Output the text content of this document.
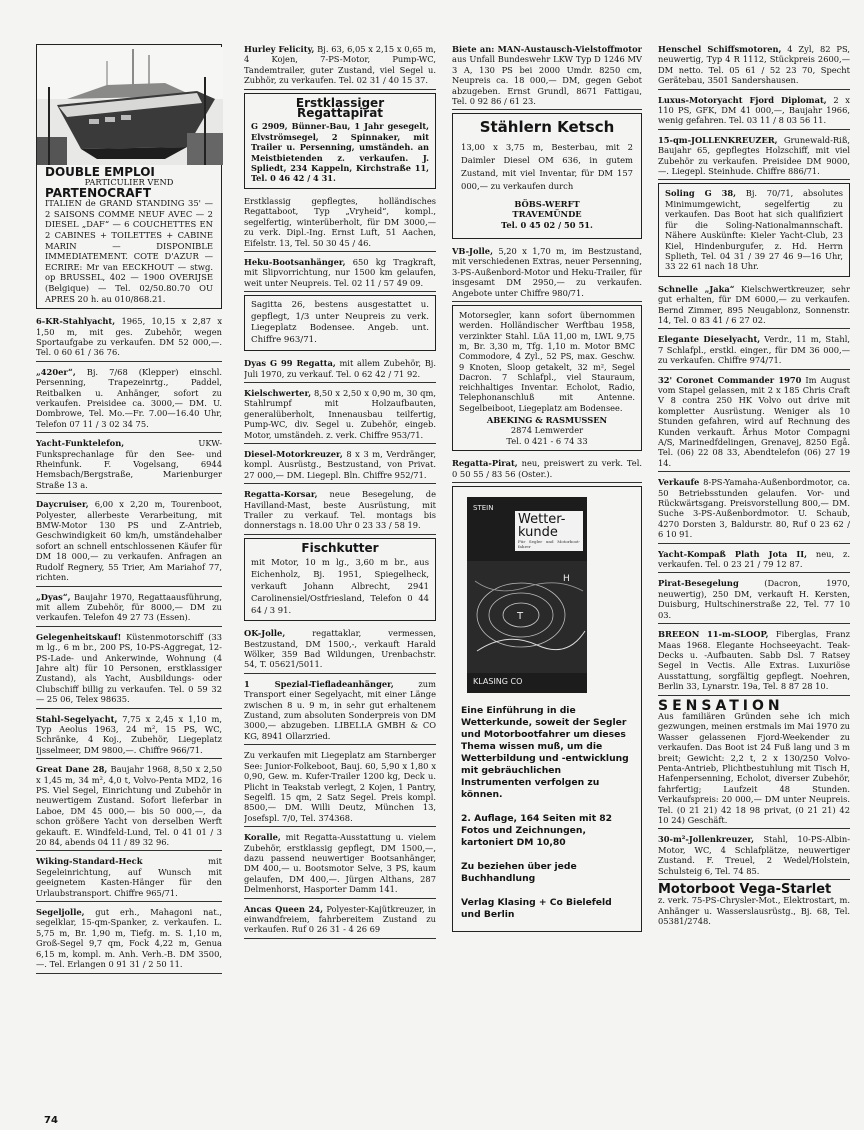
DOUBLE EMPLOI
PARTICULIER VEND
PARTENOCRAFT
ITALIEN de GRAND STANDING 35' — 2 SAISONS COMME NEUF AVEC — 2 DIESEL „DAF“ — 6 COUCHETTES EN 2 CABINES + TOILETTES + CABINE MARIN — DISPONIBLE IMMEDIATEMENT. COTE D'AZUR — ECRIRE: Mr van EECKHOUT — stwg. op BRUSSEL, 402 — 1900 OVERIJSE (Belgique) — Tel. 02/50.80.70 OU APRES 20 h. au 010/868.21.
6-KR-Stahlyacht, 1965, 10,15 x 2,87 x 1,50 m, mit ges. Zubehör, wegen Sportaufgabe zu verkaufen. DM 52 000,—. Tel. 0 60 61 / 36 76.
„420er“, Bj. 7/68 (Klepper) einschl. Persenning, Trapezeinrtg., Paddel, Reitbalken u. Anhänger, sofort zu verkaufen. Preisidee ca. 3000,— DM. U. Dombrowe, Tel. Mo.—Fr. 7.00—16.40 Uhr, Telefon 07 11 / 3 02 34 75.
Yacht-Funktelefon,	UKW-Funksprechanlage für den See- und Rheinfunk. F. Vogelsang, 6944 Hemsbach/Bergstraße, Marienburger Straße 13 a.
Daycruiser, 6,00 x 2,20 m, Tourenboot, Polyester, allerbeste Verarbeitung, mit BMW-Motor 130 PS und Z-Antrieb, Geschwindigkeit 60 km/h, umständehalber sofort an schnell entschlossenen Käufer für DM 18 000,— zu verkaufen. Anfragen an Rudolf Regnery, 55 Trier, Am Mariahof 77, richten.
„Dyas“, Baujahr 1970, Regattaausführung, mit allem Zubehör, für 8000,— DM zu verkaufen. Telefon 49 27 73 (Essen).
Gelegenheitskauf! Küstenmotorschiff (33 m lg., 6 m br., 200 PS, 10-PS-Aggregat, 12-PS-Lade- und Ankerwinde, Wohnung (4 Jahre alt) für 10 Personen, erstklassiger Zustand), als Yacht, Ausbildungs- oder Clubschiff billig zu verkaufen. Tel. 0 59 32 — 25 06, Telex 98635.
Stahl-Segelyacht, 7,75 x 2,45 x 1,10 m, Typ Aeolus 1963, 24 m², 15 PS, WC, Schränke, 4 Koj., Zubehör, Liegeplatz Ijsselmeer, DM 9800,—. Chiffre 966/71.
Great Dane 28, Baujahr 1968, 8,50 x 2,50 x 1,45 m, 34 m², 4,0 t, Volvo-Penta MD2, 16 PS. Viel Segel, Einrichtung und Zubehör in neuwertigem Zustand. Sofort lieferbar in Laboe, DM 45 000,— bis 50 000,—, da schon größere Yacht von derselben Werft gekauft. E. Windfeld-Lund, Tel. 0 41 01 / 3 20 84, abends 04 11 / 89 32 96.
Wiking-Standard-Heck	mit Segeleinrichtung, auf Wunsch mit geeignetem Kasten-Hänger für den Urlaubstransport. Chiffre 965/71.
Segeljolle, gut erh., Mahagoni nat., segelklar, 15-qm-Spanker, z. verkaufen. L. 5,75 m, Br. 1,90 m, Tiefg. m. S. 1,10 m, Groß-Segel 9,7 qm, Fock 4,22 m, Genua 6,15 m, kompl. m. Anh. Verh.-B. DM 3500,—. Tel. Erlangen 0 91 31 / 2 50 11.
Hurley Felicity, Bj. 63, 6,05 x 2,15 x 0,65 m, 4 Kojen, 7-PS-Motor, Pump-WC, Tandemtrailer, guter Zustand, viel Segel u. Zubhör, zu verkaufen. Tel. 02 31 / 40 15 37.
Erstklassiger
Regattapirat
G 2909, Bünner-Bau, 1 Jahr gesegelt, Elvströmsegel, 2 Spinnaker, mit Trailer u. Persenning, umständeh. an Meistbietenden z. verkaufen. J. Spliedt, 234 Kappeln, Kirchstraße 11, Tel. 0 46 42 / 4 31.
Erstklassig gepflegtes, holländisches Regattaboot, Typ „Vryheid“, kompl., segelfertig, winterüberholt, für DM 3000,— zu verk. Dipl.-Ing. Ernst Luft, 51 Aachen, Eifelstr. 13, Tel. 50 30 45 / 46.
Heku-Bootsanhänger, 650 kg Tragkraft, mit Slipvorrichtung, nur 1500 km gelaufen, weit unter Neupreis. Tel. 02 11 / 57 49 09.
Sagitta 26, bestens ausgestattet u. gepflegt, 1/3 unter Neupreis zu verk. Liegeplatz Bodensee. Angeb. unt. Chiffre 963/71.
Dyas G 99 Regatta, mit allem Zubehör, Bj. Juli 1970, zu verkauf. Tel. 0 62 42 / 71 92.
Kielschwerter, 8,50 x 2,50 x 0,90 m, 30 qm, Stahlrumpf mit Holzaufbauten, generalüberholt, Innenausbau teilfertig, Pump-WC, div. Segel u. Zubehör, eingeb. Motor, umständeh. z. verk. Chiffre 953/71.
Diesel-Motorkreuzer, 8 x 3 m, Verdränger, kompl. Ausrüstg., Bestzustand, von Privat. 27 000,— DM. Liegepl. Bln. Chiffre 952/71.
Regatta-Korsar, neue Besegelung, de Havilland-Mast, beste Ausrüstung, mit Trailer zu verkauf. Tel. montags bis donnerstags n. 18.00 Uhr 0 23 33 / 58 19.
Fischkutter
mit Motor, 10 m lg., 3,60 m br., aus Eichenholz, Bj. 1951, Spiegelheck, verkauft Johann Albrecht, 2941 Carolinensiel/Ostfriesland, Telefon 0 44 64 / 3 91.
OK-Jolle,	regattaklar, vermessen, Bestzustand, DM 1500,-, verkauft Harald Wölker, 359 Bad Wildungen, Urenbachstr. 54, T. 05621/5011.
1 Spezial-Tiefladeanhänger,	zum Transport einer Segelyacht, mit einer Länge zwischen 8 u. 9 m, in sehr gut erhaltenem Zustand, zum absoluten Sonderpreis von DM 3000,— abzugeben. LIBELLA GMBH & CO KG, 8941 Ollarzried.
Zu verkaufen mit Liegeplatz am Starnberger See: Junior-Folkeboot, Bauj. 60, 5,90 x 1,80 x 0,90, Gew. m. Kufer-Trailer 1200 kg, Deck u. Plicht in Teakstab verlegt, 2 Kojen, 1 Pantry, Segelfl. 15 qm, 2 Satz Segel. Preis kompl. 8500,— DM. Willi Deutz, München 13, Josefspl. 7/0, Tel. 374368.
Koralle, mit Regatta-Ausstattung u. vielem Zubehör, erstklassig gepflegt, DM 1500,—, dazu passend neuwertiger Bootsanhänger, DM 400,— u. Bootsmotor Selve, 3 PS, kaum gelaufen, DM 400,—. Jürgen Althans, 287 Delmenhorst, Hasporter Damm 141.
Ancas Queen 24, Polyester-Kajütkreuzer, in einwandfreiem, fahrbereitem Zustand zu verkaufen. Ruf 0 26 31 - 4 26 69
Biete an: MAN-Austausch-Vielstoffmotor aus Unfall Bundeswehr LKW Typ D 1246 MV 3 A, 130 PS bei 2000 Umdr. 8250 cm, Neupreis ca. 18 000,— DM, gegen Gebot abzugeben. Ernst Grundl, 8671 Fattigau, Tel. 0 92 86 / 61 23.
Stählern Ketsch
13,00 x 3,75 m, Besterbau, mit 2 Daimler Diesel OM 636, in gutem Zustand, mit viel Inventar, für DM 157 000,— zu verkaufen durch
BÖBS-WERFT
TRAVEMÜNDE
Tel. 0 45 02 / 50 51.
VB-Jolle, 5,20 x 1,70 m, im Bestzustand, mit verschiedenen Extras, neuer Persenning, 3-PS-Außenbord-Motor und Heku-Trailer, für insgesamt DM 2950,— zu verkaufen. Angebote unter Chiffre 980/71.
Motorsegler, kann sofort übernommen werden. Holländischer Werftbau 1958, verzinkter Stahl. LüA 11,00 m, LWL 9,75 m, Br. 3,30 m, Tfg. 1,10 m. Motor BMC Commodore, 4 Zyl., 52 PS, max. Geschw. 9 Knoten, Sloop getakelt, 32 m², Segel Dacron. 7 Schlafpl., viel Stauraum, reichhaltiges Inventar. Echolot, Radio, Telephonanschluß mit Antenne. Segelbeiboot, Liegeplatz am Bodensee.
ABEKING & RASMUSSEN
2874 Lemwerder
Tel. 0 421 - 6 74 33
Regatta-Pirat, neu, preiswert zu verk. Tel. 0 50 55 / 83 56 (Oster.).
STEIN
Wetter-
kunde
Für Segler und Motorboot-fahrer
T
H
KLASING CO
Eine Einführung in die Wetterkunde, soweit der Segler und Motorbootfahrer um dieses Thema wissen muß, um die Wetterbildung und -entwicklung mit gebräuchlichen Instrumenten verfolgen zu können.
2. Auflage, 164 Seiten mit 82 Fotos und Zeichnungen, kartoniert DM 10,80
Zu beziehen über jede Buchhandlung
Verlag Klasing + Co Bielefeld und Berlin
Henschel Schiffsmotoren, 4 Zyl, 82 PS, neuwertig, Typ 4 R 1112, Stückpreis 2600,— DM netto. Tel. 05 61 / 52 23 70, Specht Gerätebau, 3501 Sandershausen.
Luxus-Motoryacht Fjord Diplomat, 2 x 110 PS, GFK, DM 41 000,—, Baujahr 1966, wenig gefahren. Tel. 03 11 / 8 03 56 11.
15-qm-JOLLENKREUZER, Grunewald-Riß, Baujahr 65, gepflegtes Holzschiff, mit viel Zubehör zu verkaufen. Preisidee DM 9000,—. Liegepl. Steinhude. Chiffre 886/71.
Soling G 38, Bj. 70/71, absolutes Minimumgewicht, segelfertig zu verkaufen. Das Boot hat sich qualifiziert für die Soling-Nationalmannschaft. Nähere Auskünfte: Kieler Yacht-Club, 23 Kiel, Hindenburgufer, z. Hd. Herrn Splieth, Tel. 04 31 / 39 27 46 9—16 Uhr, 33 22 61 nach 18 Uhr.
Schnelle „Jaka“ Kielschwertkreuzer, sehr gut erhalten, für DM 6000,— zu verkaufen. Bernd Zimmer, 895 Neugablonz, Sonnenstr. 14, Tel. 0 83 41 / 6 27 02.
Elegante Dieselyacht, Verdr., 11 m, Stahl, 7 Schlafpl., erstkl. einger., für DM 36 000,— zu verkaufen. Chiffre 974/71.
32' Coronet Commander 1970 Im August vom Stapel gelassen, mit 2 x 185 Chris Craft V 8 contra 250 HK Volvo out drive mit kompletter Ausrüstung. Weniger als 10 Stunden gefahren, wird auf Rechnung des Kunden verkauft. Århus Motor Compagni A/S, Marinedfdelingen, Grenavej, 8250 Egå. Tel. (06) 22 08 33, Abendtelefon (06) 27 19 14.
Verkaufe 8-PS-Yamaha-Außenbordmotor, ca. 50 Betriebsstunden gelaufen. Vor- und Rückwärtsgang. Preisvorstellung 800,— DM. Suche 3-PS-Außenbordmotor. U. Schaub, 4270 Dorsten 3, Baldurstr. 80, Ruf 0 23 62 / 6 10 91.
Yacht-Kompaß Plath Jota II, neu, z. verkaufen. Tel. 0 23 21 / 79 12 87.
Pirat-Besegelung	(Dacron, 1970, neuwertig), 250 DM, verkauft H. Kersten, Duisburg, Hultschinerstraße 22, Tel. 77 10 03.
BREEON 11-m-SLOOP, Fiberglas, Franz Maas 1968. Elegante Hochseeyacht. Teak-Decks u. -Aufbauten. Sabb Dsl. 7 Ratsey Segel in Vectis. Alle Extras. Luxuriöse Ausstattung, sorgfältig gepflegt. Noehren, Berlin 33, Lynarstr. 19a, Tel. 8 87 28 10.
SENSATION
Aus familiären Gründen sehe ich mich gezwungen, meinen erstmals im Mai 1970 zu Wasser gelassenen Fjord-Weekender zu verkaufen. Das Boot ist 24 Fuß lang und 3 m breit; Gewicht: 2,2 t, 2 x 130/250 Volvo-Penta-Antrieb, Plichtbestuhlung mit Tisch H, Hafenpersenning, Echolot, diverser Zubehör, fahrfertig; Laufzeit 48 Stunden. Verkaufspreis: 20 000,— DM unter Neupreis. Tel. (0 21 21) 42 18 98 privat, (0 21 21) 42 10 24) Geschäft.
30-m²-Jollenkreuzer, Stahl, 10-PS-Albin-Motor, WC, 4 Schlafplätze, neuwertiger Zustand. F. Treuel, 2 Wedel/Holstein, Schulsteig 6, Tel. 74 85.
Motorboot Vega-Starlet
z. verk. 75-PS-Chrysler-Mot., Elektrostart, m. Anhänger u. Wasserslausrüstg., Bj. 68, Tel. 05381/2748.
74
